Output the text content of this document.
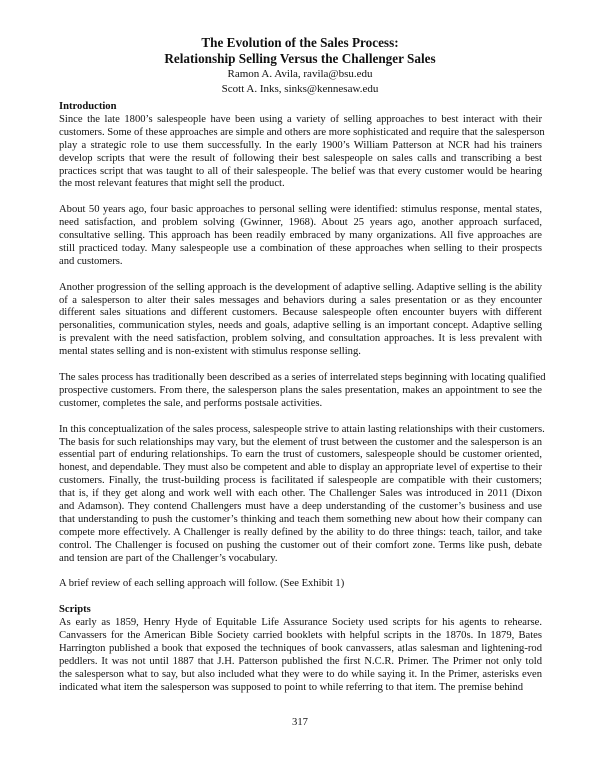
The Evolution of the Sales Process:
Relationship Selling Versus the Challenger Sales
Ramon A. Avila, ravila@bsu.edu
Scott A. Inks, sinks@kennesaw.edu
Introduction
Since the late 1800’s salespeople have been using a variety of selling approaches to best interact with their
customers. Some of these approaches are simple and others are more sophisticated and require that the salesperson
play a strategic role to use them successfully. In the early 1900’s William Patterson at NCR had his trainers
develop scripts that were the result of following their best salespeople on sales calls and transcribing a best
practices script that was taught to all of their salespeople. The belief was that every customer would be hearing
the most relevant features that might sell the product.
About 50 years ago, four basic approaches to personal selling were identified: stimulus response, mental states,
need satisfaction, and problem solving (Gwinner, 1968). About 25 years ago, another approach surfaced,
consultative selling. This approach has been readily embraced by many organizations. All five approaches are
still practiced today. Many salespeople use a combination of these approaches when selling to their prospects
and customers.
Another progression of the selling approach is the development of adaptive selling. Adaptive selling is the ability
of a salesperson to alter their sales messages and behaviors during a sales presentation or as they encounter
different sales situations and different customers. Because salespeople often encounter buyers with different
personalities, communication styles, needs and goals, adaptive selling is an important concept. Adaptive selling
is prevalent with the need satisfaction, problem solving, and consultation approaches. It is less prevalent with
mental states selling and is non-existent with stimulus response selling.
The sales process has traditionally been described as a series of interrelated steps beginning with locating qualified
prospective customers. From there, the salesperson plans the sales presentation, makes an appointment to see the
customer, completes the sale, and performs postsale activities.
In this conceptualization of the sales process, salespeople strive to attain lasting relationships with their customers.
The basis for such relationships may vary, but the element of trust between the customer and the salesperson is an
essential part of enduring relationships. To earn the trust of customers, salespeople should be customer oriented,
honest, and dependable. They must also be competent and able to display an appropriate level of expertise to their
customers. Finally, the trust-building process is facilitated if salespeople are compatible with their customers;
that is, if they get along and work well with each other. The Challenger Sales was introduced in 2011 (Dixon
and Adamson). They contend Challengers must have a deep understanding of the customer’s business and use
that understanding to push the customer’s thinking and teach them something new about how their company can
compete more effectively. A Challenger is really defined by the ability to do three things: teach, tailor, and take
control. The Challenger is focused on pushing the customer out of their comfort zone. Terms like push, debate
and tension are part of the Challenger’s vocabulary.
A brief review of each selling approach will follow. (See Exhibit 1)
Scripts
As early as 1859, Henry Hyde of Equitable Life Assurance Society used scripts for his agents to rehearse.
Canvassers for the American Bible Society carried booklets with helpful scripts in the 1870s. In 1879, Bates
Harrington published a book that exposed the techniques of book canvassers, atlas salesman and lightening-rod
peddlers. It was not until 1887 that J.H. Patterson published the first N.C.R. Primer. The Primer not only told
the salesperson what to say, but also included what they were to do while saying it. In the Primer, asterisks even
indicated what item the salesperson was supposed to point to while referring to that item. The premise behind
317
